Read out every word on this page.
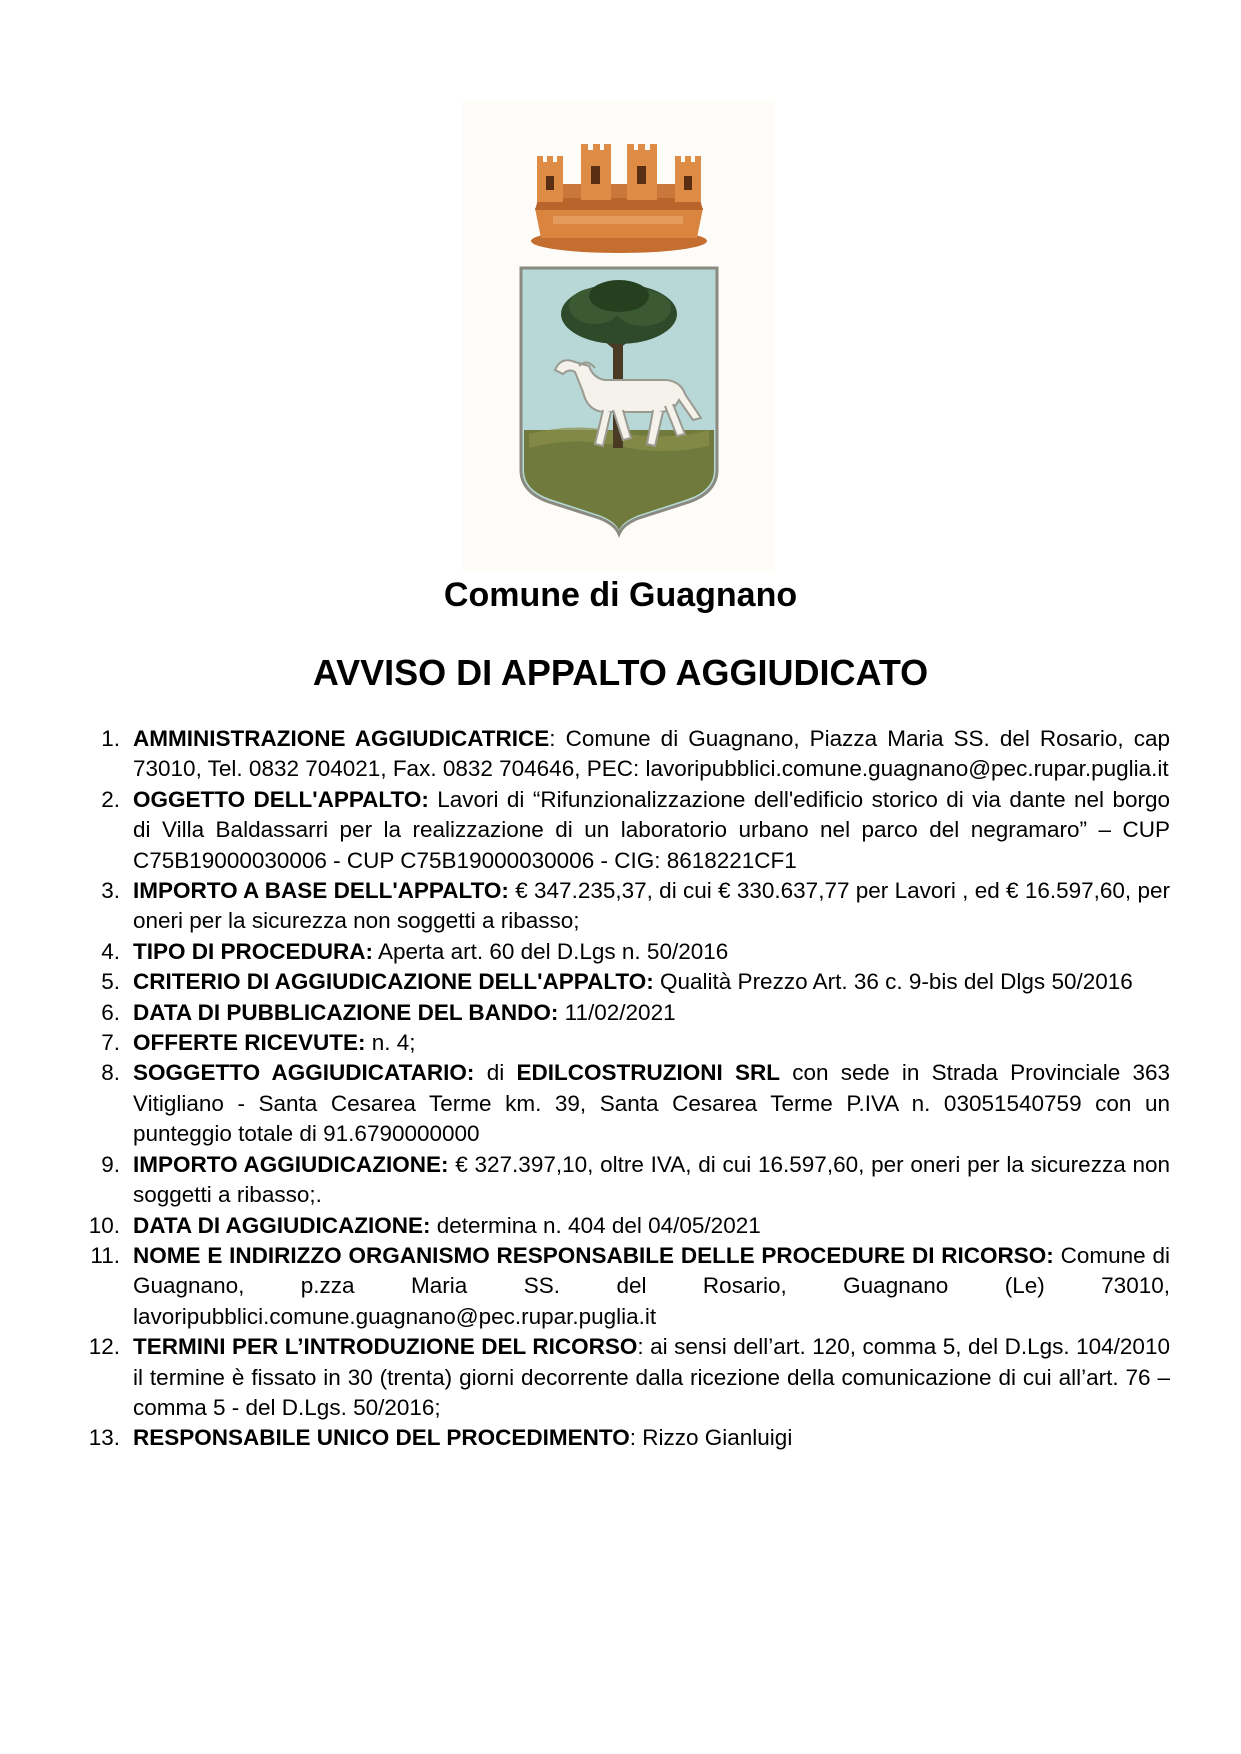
Comune di Guagnano
AVVISO DI APPALTO AGGIUDICATO
1. AMMINISTRAZIONE AGGIUDICATRICE: Comune di Guagnano, Piazza Maria SS. del Rosario, cap 73010, Tel. 0832 704021, Fax. 0832 704646, PEC: lavoripubblici.comune.guagnano@pec.rupar.puglia.it
2. OGGETTO DELL'APPALTO: Lavori di “Rifunzionalizzazione dell'edificio storico di via dante nel borgo di Villa Baldassarri per la realizzazione di un laboratorio urbano nel parco del negramaro” – CUP C75B19000030006 - CUP C75B19000030006 - CIG: 8618221CF1
3. IMPORTO A BASE DELL'APPALTO: € 347.235,37, di cui € 330.637,77 per Lavori , ed € 16.597,60, per oneri per la sicurezza non soggetti a ribasso;
4. TIPO DI PROCEDURA: Aperta art. 60 del D.Lgs n. 50/2016
5. CRITERIO DI AGGIUDICAZIONE DELL'APPALTO: Qualità Prezzo Art. 36 c. 9-bis del Dlgs 50/2016
6. DATA DI PUBBLICAZIONE DEL BANDO: 11/02/2021
7. OFFERTE RICEVUTE: n. 4;
8. SOGGETTO AGGIUDICATARIO: di EDILCOSTRUZIONI SRL con sede in Strada Provinciale 363 Vitigliano - Santa Cesarea Terme km. 39, Santa Cesarea Terme P.IVA n. 03051540759 con un punteggio totale di 91.6790000000
9. IMPORTO AGGIUDICAZIONE: € 327.397,10, oltre IVA, di cui 16.597,60, per oneri per la sicurezza non soggetti a ribasso;.
10. DATA DI AGGIUDICAZIONE: determina n. 404 del 04/05/2021
11. NOME E INDIRIZZO ORGANISMO RESPONSABILE DELLE PROCEDURE DI RICORSO: Comune di Guagnano, p.zza Maria SS. del Rosario, Guagnano (Le) 73010, lavoripubblici.comune.guagnano@pec.rupar.puglia.it
12. TERMINI PER L’INTRODUZIONE DEL RICORSO: ai sensi dell’art. 120, comma 5, del D.Lgs. 104/2010 il termine è fissato in 30 (trenta) giorni decorrente dalla ricezione della comunicazione di cui all’art. 76 – comma 5 - del D.Lgs. 50/2016;
13. RESPONSABILE UNICO DEL PROCEDIMENTO: Rizzo Gianluigi
